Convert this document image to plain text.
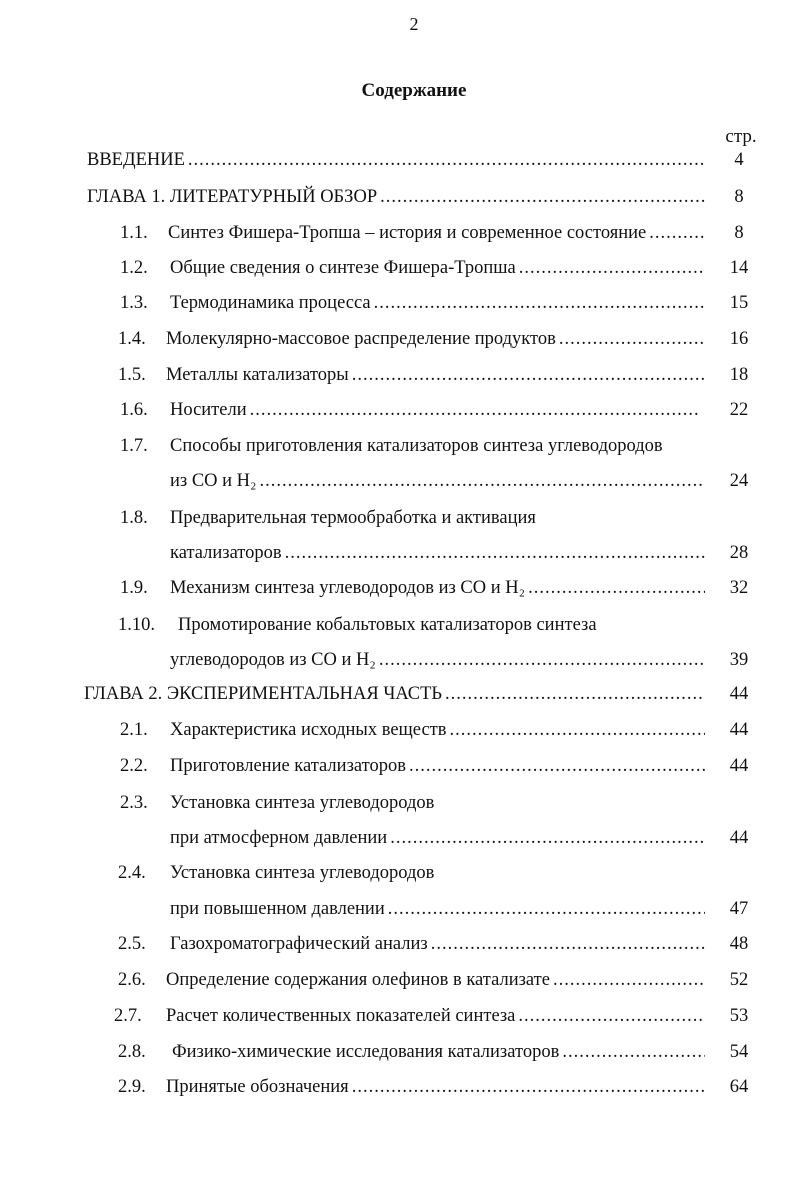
2
Содержание
стр.
ВВЕДЕНИЕ .....	4
ГЛАВА 1. ЛИТЕРАТУРНЫЙ ОБЗОР .....	8
1.1. Синтез Фишера-Тропша – история и современное состояние .....	8
1.2. Общие сведения о синтезе Фишера-Тропша .....	14
1.3. Термодинамика процесса .....	15
1.4. Молекулярно-массовое распределение продуктов .....	16
1.5. Металлы катализаторы .....	18
1.6. Носители .....	22
1.7. Способы приготовления катализаторов синтеза углеводородов
из СО и H₂ .....	24
1.8. Предварительная термообработка и активация
катализаторов .....	28
1.9. Механизм синтеза углеводородов из СО и H₂ .....	32
1.10. Промотирование кобальтовых катализаторов синтеза
углеводородов из СО и H₂ .....	39
ГЛАВА 2. ЭКСПЕРИМЕНТАЛЬНАЯ ЧАСТЬ .....	44
2.1. Характеристика исходных веществ .....	44
2.2. Приготовление катализаторов .....	44
2.3. Установка синтеза углеводородов
при атмосферном давлении .....	44
2.4. Установка синтеза углеводородов
при повышенном давлении .....	47
2.5. Газохроматографический анализ .....	48
2.6. Определение содержания олефинов в катализате .....	52
2.7. Расчет количественных показателей синтеза .....	53
2.8. Физико-химические исследования катализаторов .....	54
2.9. Принятые обозначения .....	64
